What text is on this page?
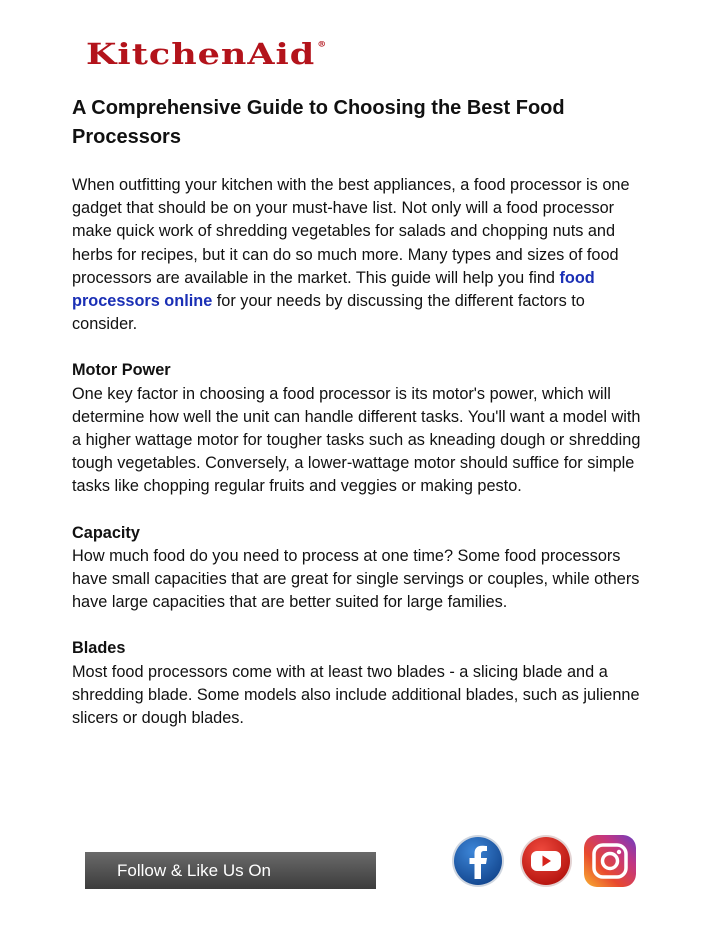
KitchenAid ®
A Comprehensive Guide to Choosing the Best Food Processors

When outfitting your kitchen with the best appliances, a food processor is one gadget that should be on your must-have list. Not only will a food processor make quick work of shredding vegetables for salads and chopping nuts and herbs for recipes, but it can do so much more. Many types and sizes of food processors are available in the market. This guide will help you find food processors online for your needs by discussing the different factors to consider.

Motor Power

One key factor in choosing a food processor is its motor's power, which will determine how well the unit can handle different tasks. You'll want a model with a higher wattage motor for tougher tasks such as kneading dough or shredding tough vegetables. Conversely, a lower-wattage motor should suffice for simple tasks like chopping regular fruits and veggies or making pesto.

Capacity

How much food do you need to process at one time? Some food processors have small capacities that are great for single servings or couples, while others have large capacities that are better suited for large families.

Blades

Most food processors come with at least two blades - a slicing blade and a shredding blade. Some models also include additional blades, such as julienne slicers or dough blades.

Follow & Like Us On
